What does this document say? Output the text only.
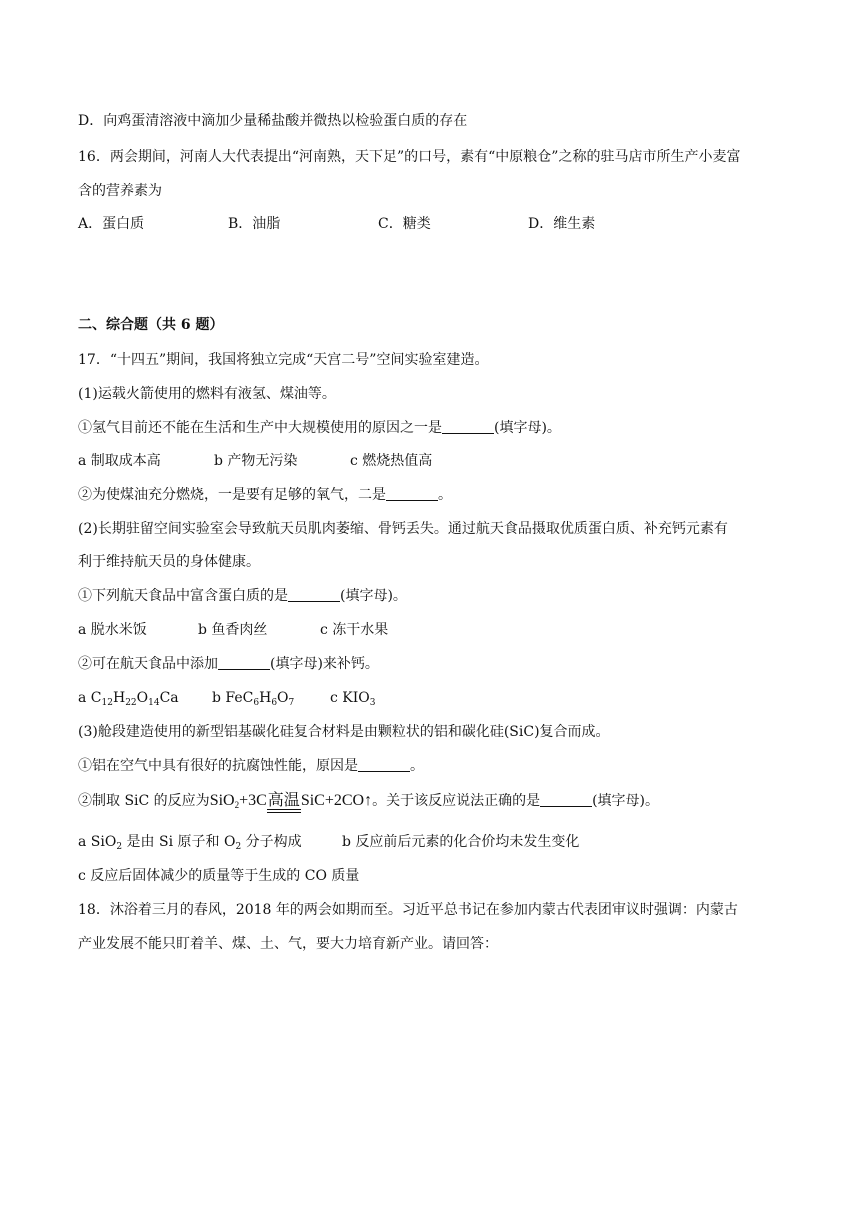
D．向鸡蛋清溶液中滴加少量稀盐酸并微热以检验蛋白质的存在
16．两会期间，河南人大代表提出“河南熟，天下足”的口号，素有“中原粮仓”之称的驻马店市所生产小麦富
含的营养素为
A．蛋白质	B．油脂	C．糖类	D．维生素
二、综合题（共 6 题）
17．“十四五”期间，我国将独立完成“天宫二号”空间实验室建造。
(1)运载火箭使用的燃料有液氢、煤油等。
①氢气目前还不能在生活和生产中大规模使用的原因之一是	(填字母)。
a 制取成本高	b 产物无污染	c 燃烧热值高
②为使煤油充分燃烧，一是要有足够的氧气，二是	。
(2)长期驻留空间实验室会导致航天员肌肉萎缩、骨钙丢失。通过航天食品摄取优质蛋白质、补充钙元素有
利于维持航天员的身体健康。
①下列航天食品中富含蛋白质的是	(填字母)。
a 脱水米饭	b 鱼香肉丝	c 冻干水果
②可在航天食品中添加	(填字母)来补钙。
a $C_{12}H_{22}O_{14}Ca$ b $FeC_6H_6O_7$	c $KIO_3$
(3)舱段建造使用的新型铝基碳化硅复合材料是由颗粒状的铝和碳化硅(SiC)复合而成。
①铝在空气中具有很好的抗腐蚀性能，原因是	。
②制取 SiC 的反应为SiO$_2$+3C高温
SiC+2CO↑。关于该反应说法正确的是	(填字母)。
a SiO$_2$ 是由 Si 原子和 $O_2$ 分子构成	b 反应前后元素的化合价均未发生变化
c 反应后固体减少的质量等于生成的 CO 质量
18．沐浴着三月的春风，2018 年的两会如期而至。习近平总书记在参加内蒙古代表团审议时强调：内蒙古
产业发展不能只盯着羊、煤、土、气，要大力培育新产业。请回答：
